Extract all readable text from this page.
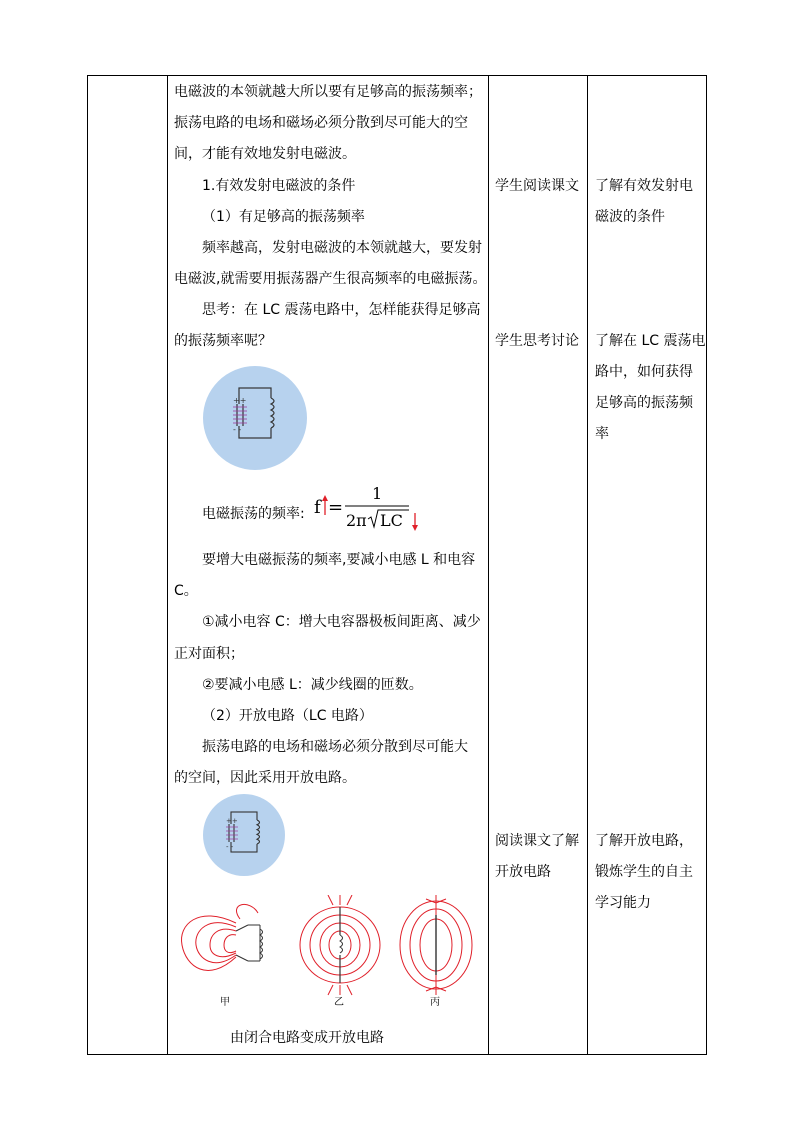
电磁波的本领就越大所以要有足够高的振荡频率；
振荡电路的电场和磁场必须分散到尽可能大的空
间，才能有效地发射电磁波。
1.有效发射电磁波的条件
（1）有足够高的振荡频率
频率越高，发射电磁波的本领就越大，要发射
电磁波,就需要用振荡器产生很高频率的电磁振荡。
思考：在 LC 震荡电路中，怎样能获得足够高
的振荡频率呢？
++
- -
电磁振荡的频率: f =
1
2π LC
要增大电磁振荡的频率,要减小电感 L 和电容
C。
①减小电容 C：增大电容器极板间距离、减少
正对面积；
②要减小电感 L：减少线圈的匝数。
（2）开放电路（LC 电路）
振荡电路的电场和磁场必须分散到尽可能大
的空间，因此采用开放电路。
++
- -
甲	乙	丙
由闭合电路变成开放电路
学生阅读课文
学生思考讨论
阅读课文了解
开放电路
了解有效发射电
磁波的条件
了解在 LC 震荡电
路中，如何获得
足够高的振荡频
率
了解开放电路，
锻炼学生的自主
学习能力
